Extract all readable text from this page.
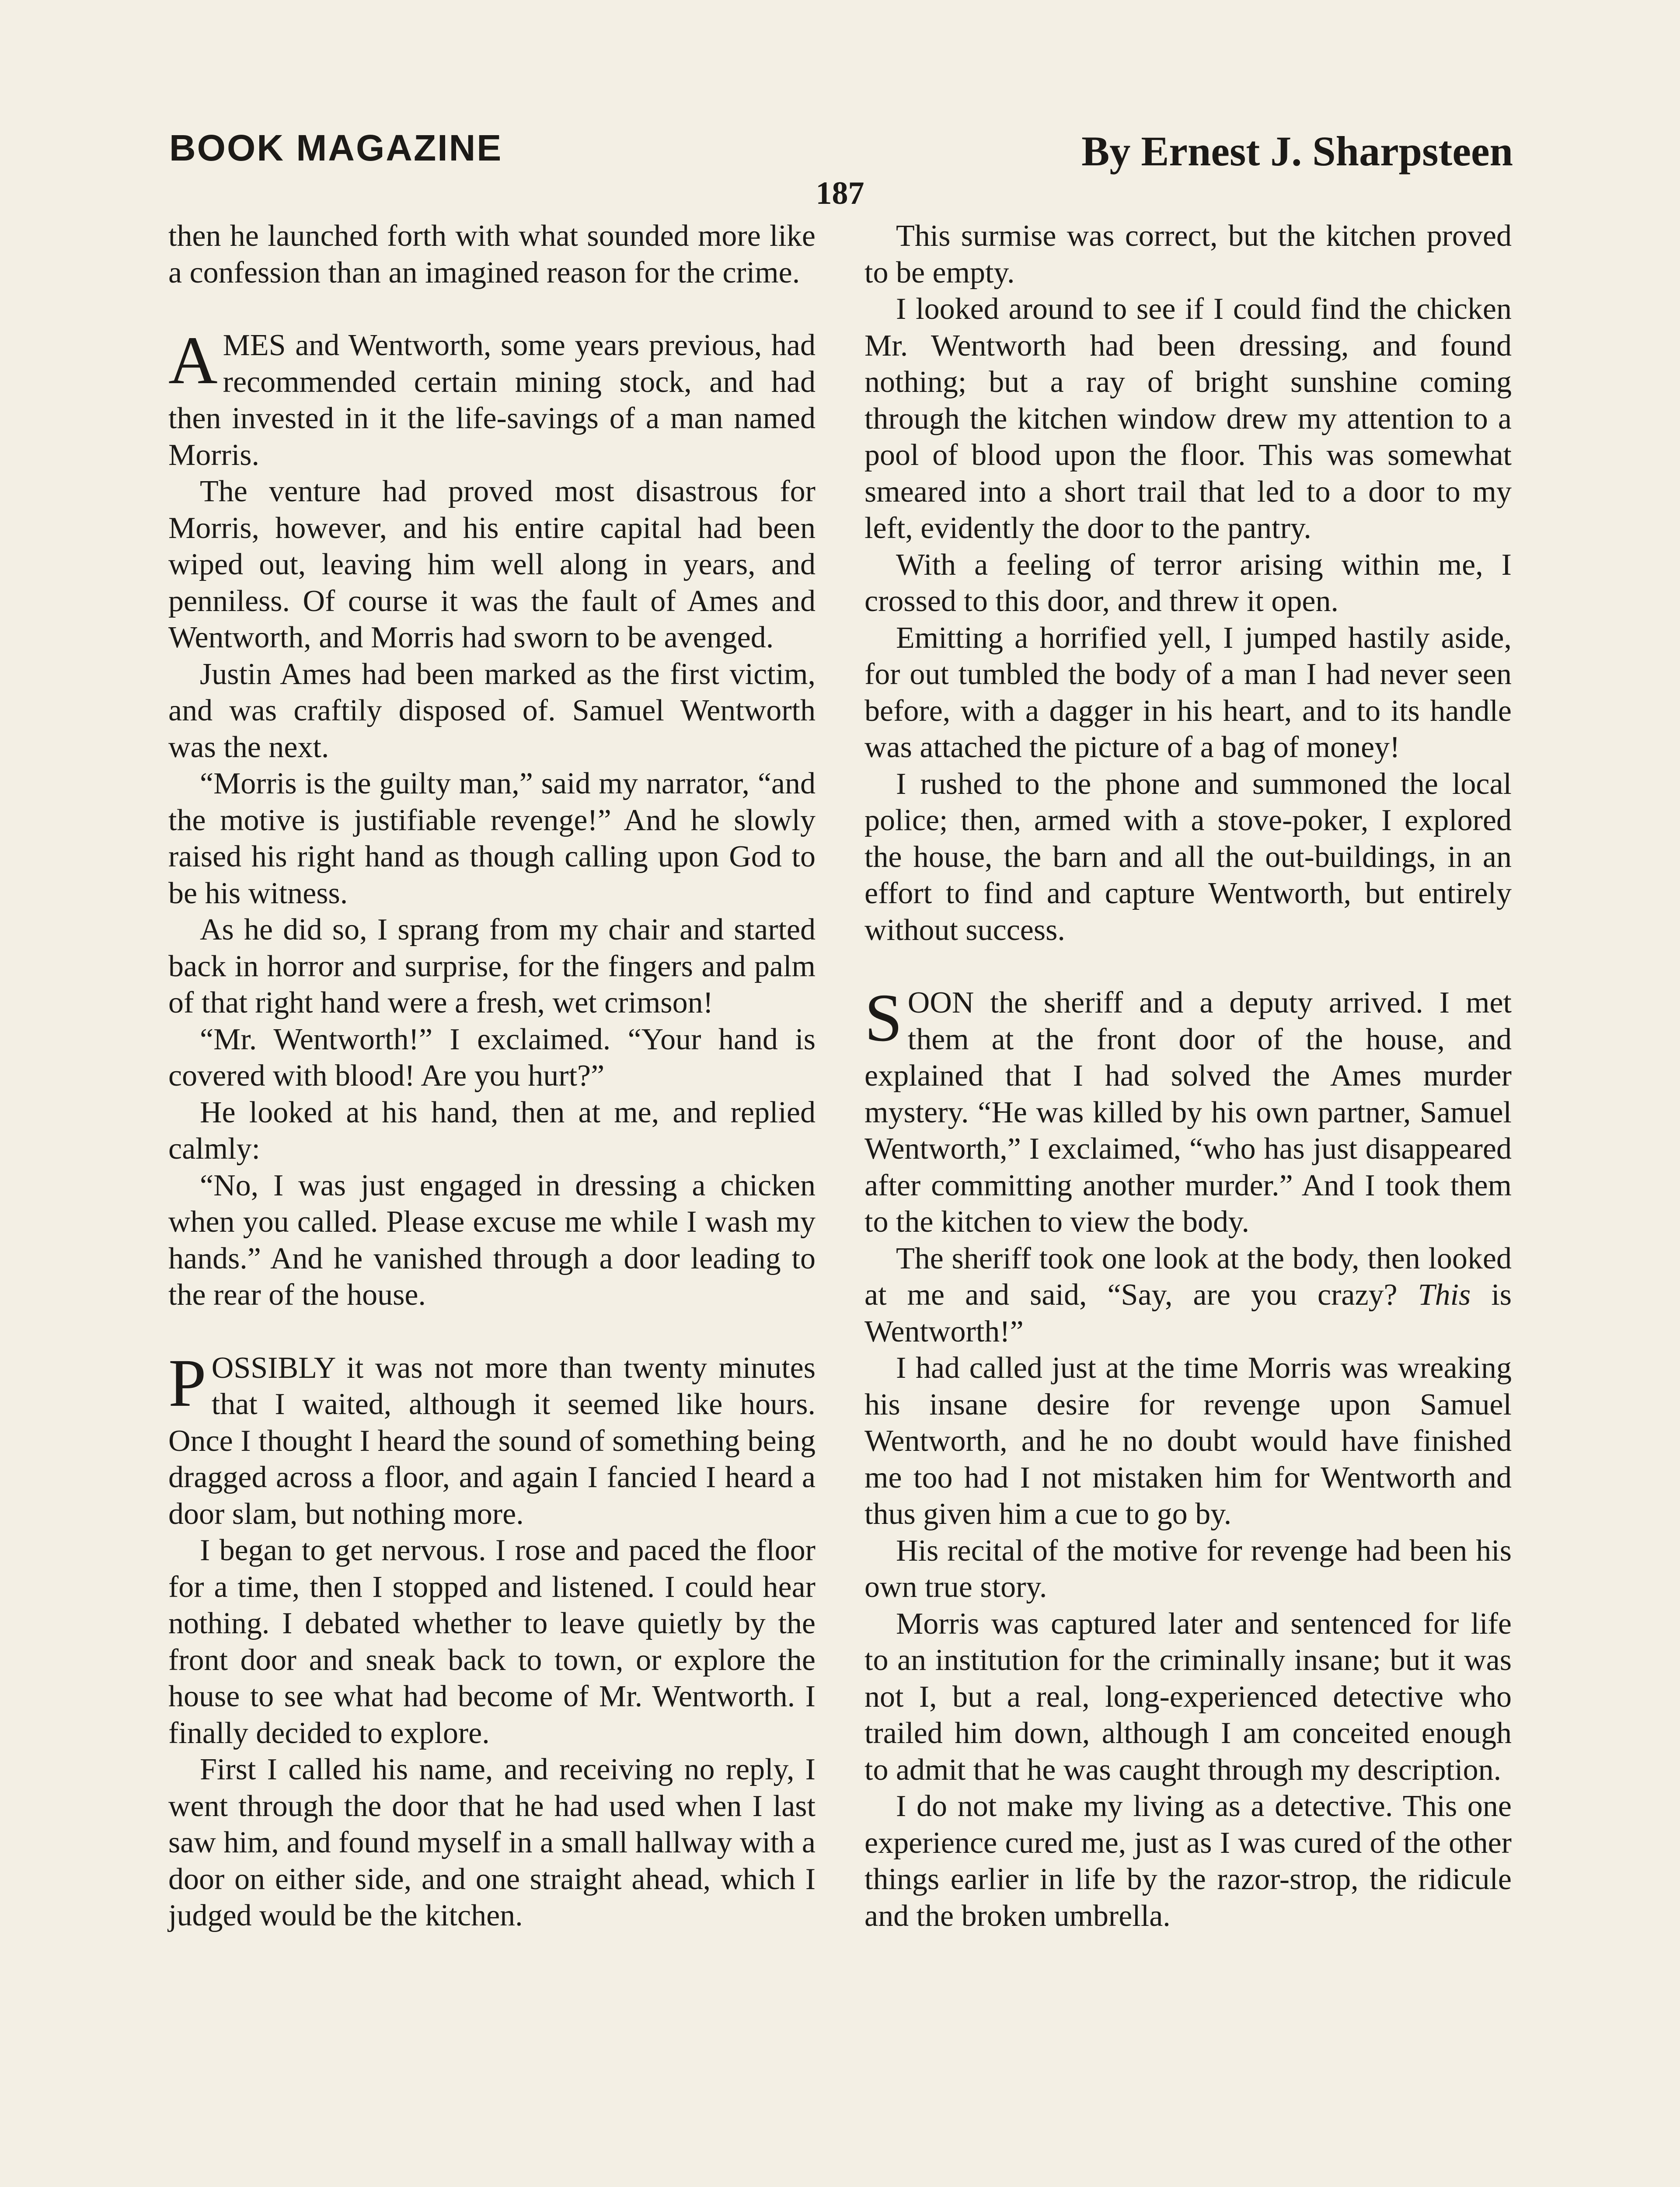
BOOK MAGAZINE	By Ernest J. Sharpsteen
187

then he launched forth with what sounded more like a confession than an imagined reason for the crime.

AMES and Wentworth, some years previous, had recommended certain mining stock, and had then invested in it the life-savings of a man named Morris.

The venture had proved most disastrous for Morris, however, and his entire capital had been wiped out, leaving him well along in years, and penniless. Of course it was the fault of Ames and Wentworth, and Morris had sworn to be avenged.

Justin Ames had been marked as the first victim, and was craftily disposed of. Samuel Wentworth was the next.

“Morris is the guilty man,” said my narrator, “and the motive is justifiable revenge!” And he slowly raised his right hand as though calling upon God to be his witness.

As he did so, I sprang from my chair and started back in horror and surprise, for the fingers and palm of that right hand were a fresh, wet crimson!

“Mr. Wentworth!” I exclaimed. “Your hand is covered with blood! Are you hurt?”

He looked at his hand, then at me, and replied calmly:

“No, I was just engaged in dressing a chicken when you called. Please excuse me while I wash my hands.” And he vanished through a door leading to the rear of the house.

POSSIBLY it was not more than twenty minutes that I waited, although it seemed like hours. Once I thought I heard the sound of something being dragged across a floor, and again I fancied I heard a door slam, but nothing more.

I began to get nervous. I rose and paced the floor for a time, then I stopped and listened. I could hear nothing. I debated whether to leave quietly by the front door and sneak back to town, or explore the house to see what had become of Mr. Wentworth. I finally decided to explore.

First I called his name, and receiving no reply, I went through the door that he had used when I last saw him, and found myself in a small hallway with a door on either side, and one straight ahead, which I judged would be the kitchen.

This surmise was correct, but the kitchen proved to be empty.

I looked around to see if I could find the chicken Mr. Wentworth had been dressing, and found nothing; but a ray of bright sunshine coming through the kitchen window drew my attention to a pool of blood upon the floor. This was somewhat smeared into a short trail that led to a door to my left, evidently the door to the pantry.

With a feeling of terror arising within me, I crossed to this door, and threw it open.

Emitting a horrified yell, I jumped hastily aside, for out tumbled the body of a man I had never seen before, with a dagger in his heart, and to its handle was attached the picture of a bag of money!

I rushed to the phone and summoned the local police; then, armed with a stove-poker, I explored the house, the barn and all the out-buildings, in an effort to find and capture Wentworth, but entirely without success.

SOON the sheriff and a deputy arrived. I met them at the front door of the house, and explained that I had solved the Ames murder mystery. “He was killed by his own partner, Samuel Wentworth,” I exclaimed, “who has just disappeared after committing another murder.” And I took them to the kitchen to view the body.

The sheriff took one look at the body, then looked at me and said, “Say, are you crazy? This is Wentworth!”

I had called just at the time Morris was wreaking his insane desire for revenge upon Samuel Wentworth, and he no doubt would have finished me too had I not mistaken him for Wentworth and thus given him a cue to go by.

His recital of the motive for revenge had been his own true story.

Morris was captured later and sentenced for life to an institution for the criminally insane; but it was not I, but a real, long-experienced detective who trailed him down, although I am conceited enough to admit that he was caught through my description.

I do not make my living as a detective. This one experience cured me, just as I was cured of the other things earlier in life by the razor-strop, the ridicule and the broken umbrella.
